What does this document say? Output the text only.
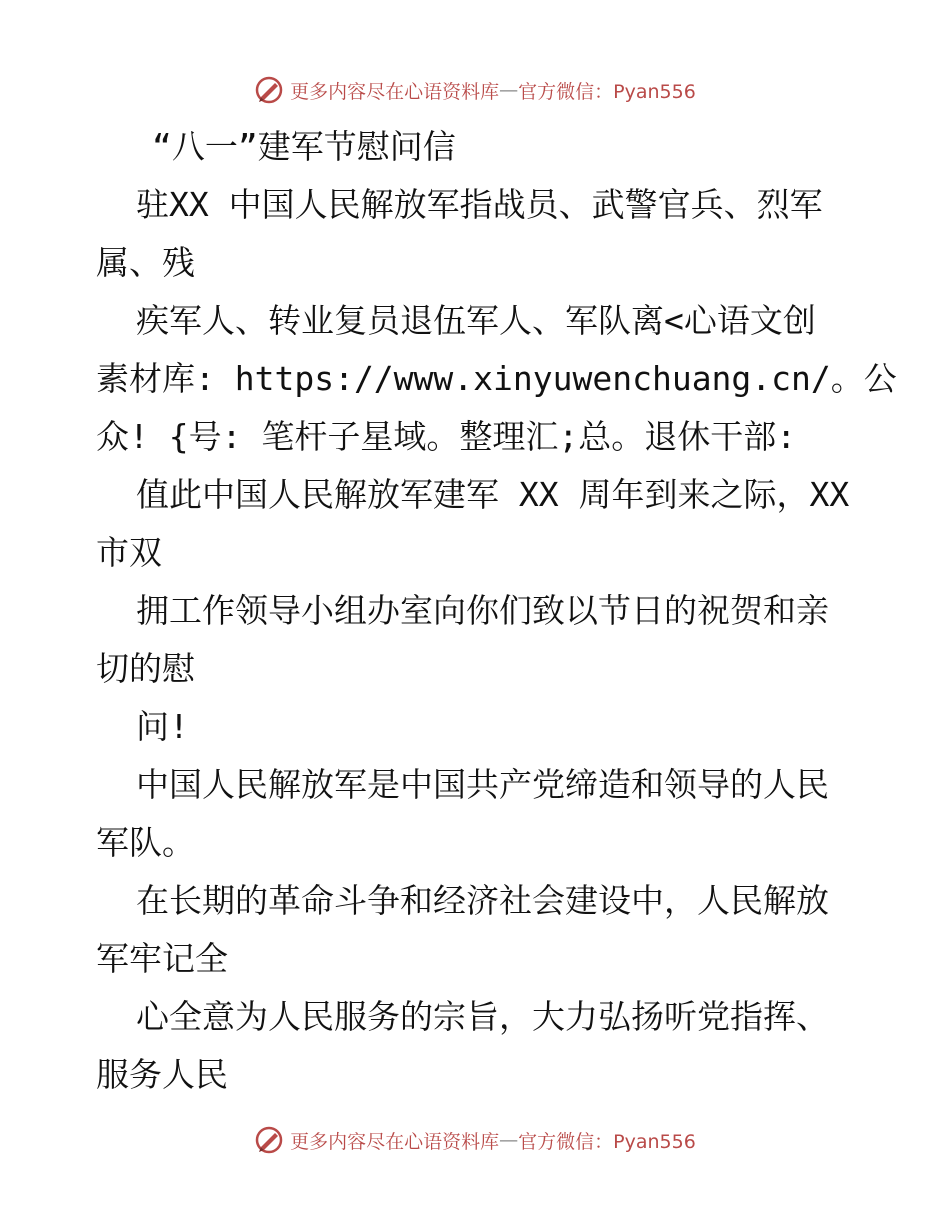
更多内容尽在心语资料库 — 官方微信：Pyan556
“八一”建军节慰问信
驻XX 中国人民解放军指战员、武警官兵、烈军
属、残
疾军人、转业复员退伍军人、军队离<心语文创
素材库: https://www.xinyuwenchuang.cn/。公
众! {号: 笔杆子星域。整理汇;总。退休干部:
值此中国人民解放军建军 XX 周年到来之际，XX
市双
拥工作领导小组办室向你们致以节日的祝贺和亲
切的慰
问!
中国人民解放军是中国共产党缔造和领导的人民
军队。
在长期的革命斗争和经济社会建设中，人民解放
军牢记全
心全意为人民服务的宗旨，大力弘扬听党指挥、
服务人民
更多内容尽在心语资料库 — 官方微信：Pyan556
